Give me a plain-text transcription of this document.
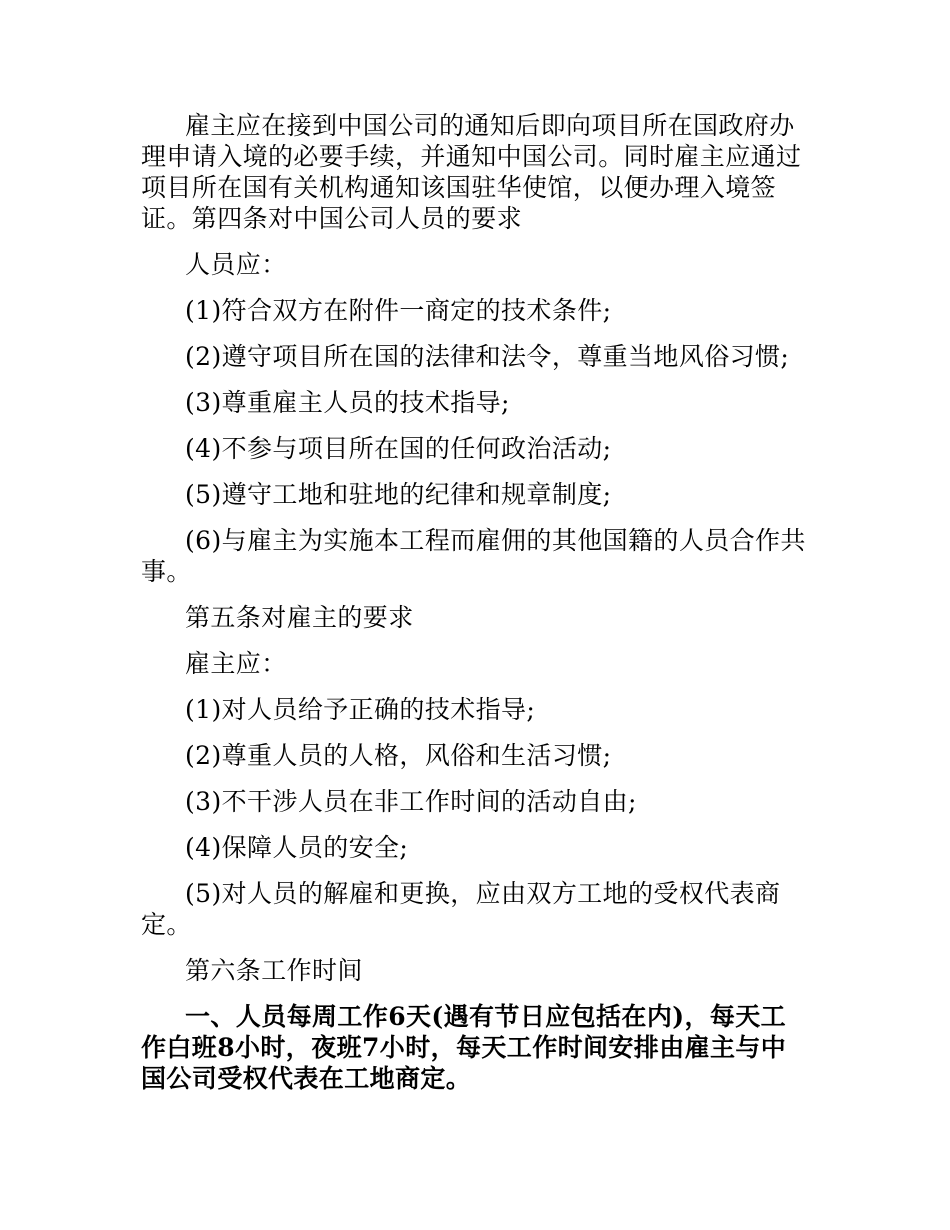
雇主应在接到中国公司的通知后即向项目所在国政府办理申请入境的必要手续，并通知中国公司。同时雇主应通过项目所在国有关机构通知该国驻华使馆，以便办理入境签证。第四条对中国公司人员的要求

人员应：

(1)符合双方在附件一商定的技术条件;

(2)遵守项目所在国的法律和法令，尊重当地风俗习惯;

(3)尊重雇主人员的技术指导;

(4)不参与项目所在国的任何政治活动;

(5)遵守工地和驻地的纪律和规章制度;

(6)与雇主为实施本工程而雇佣的其他国籍的人员合作共事。

第五条对雇主的要求

雇主应：

(1)对人员给予正确的技术指导;

(2)尊重人员的人格，风俗和生活习惯;

(3)不干涉人员在非工作时间的活动自由;

(4)保障人员的安全;

(5)对人员的解雇和更换，应由双方工地的受权代表商定。

第六条工作时间

一、人员每周工作6天(遇有节日应包括在内)，每天工作白班8小时，夜班7小时，每天工作时间安排由雇主与中国公司受权代表在工地商定。
